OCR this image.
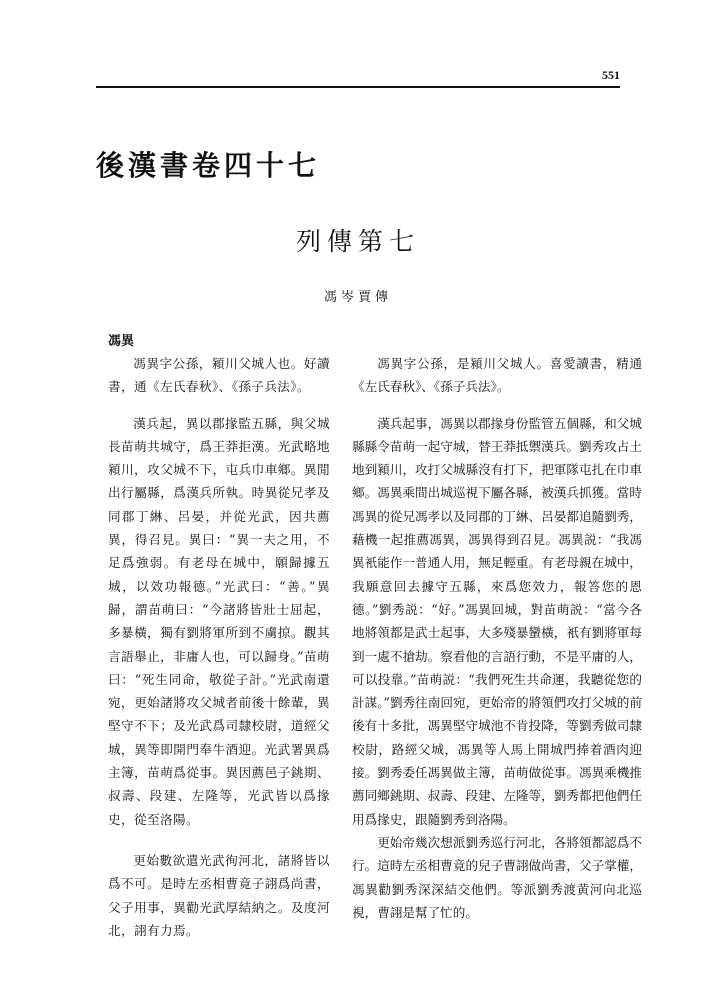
551
後漢書卷四十七
列傳第七
馮岑賈傳
馮異

馮異字公孫，潁川父城人也。好讀書，通《左氏春秋》、《孫子兵法》。

漢兵起，異以郡掾監五縣，與父城長苗萌共城守，爲王莽拒漢。光武略地潁川，攻父城不下，屯兵巾車鄉。異閒出行屬縣，爲漢兵所執。時異從兄孝及同郡丁綝、呂晏，并從光武，因共薦異，得召見。異曰：“異一夫之用，不足爲強弱。有老母在城中，願歸據五城，以效功報德。”光武曰：“善。”異歸，謂苗萌曰：“今諸將皆壯士屈起，多暴橫，獨有劉將軍所到不虜掠。觀其言語舉止，非庸人也，可以歸身。”苗萌曰：“死生同命，敬從子計。”光武南還宛，更始諸將攻父城者前後十餘輩，異堅守不下；及光武爲司隸校尉，道經父城，異等即開門奉牛酒迎。光武署異爲主簿，苗萌爲從事。異因薦邑子銚期、叔壽、段建、左隆等，光武皆以爲掾史，從至洛陽。

更始數欲遣光武徇河北，諸將皆以爲不可。是時左丞相曹竟子詡爲尚書，父子用事，異勸光武厚結納之。及度河北，詡有力焉。

馮異字公孫，是潁川父城人。喜愛讀書，精通《左氏春秋》、《孫子兵法》。

漢兵起事，馮異以郡掾身份監管五個縣，和父城縣縣令苗萌一起守城，替王莽抵禦漢兵。劉秀攻占土地到潁川，攻打父城縣沒有打下，把軍隊屯扎在巾車鄉。馮異乘間出城巡視下屬各縣，被漢兵抓獲。當時馮異的從兄馮孝以及同郡的丁綝、呂晏都追隨劉秀，藉機一起推薦馮異，馮異得到召見。馮異説：“我馮異衹能作一普通人用，無足輕重。有老母親在城中，我願意回去據守五縣，來爲您效力，報答您的恩德。”劉秀説：“好。”馮異回城，對苗萌説：“當今各地將領都是武士起事，大多殘暴蠻橫，衹有劉將軍每到一處不搶劫。察看他的言語行動，不是平庸的人，可以投靠。”苗萌説：“我們死生共命運，我聽從您的計謀。”劉秀往南回宛，更始帝的將領們攻打父城的前後有十多批，馮異堅守城池不肯投降，等劉秀做司隸校尉，路經父城，馮異等人馬上開城門捧着酒肉迎接。劉秀委任馮異做主簿，苗萌做從事。馮異乘機推薦同鄉銚期、叔壽、段建、左隆等，劉秀都把他們任用爲掾史，跟隨劉秀到洛陽。

更始帝幾次想派劉秀巡行河北，各將領都認爲不行。這時左丞相曹竟的兒子曹詡做尚書，父子掌權，馮異勸劉秀深深結交他們。等派劉秀渡黄河向北巡視，曹詡是幫了忙的。
